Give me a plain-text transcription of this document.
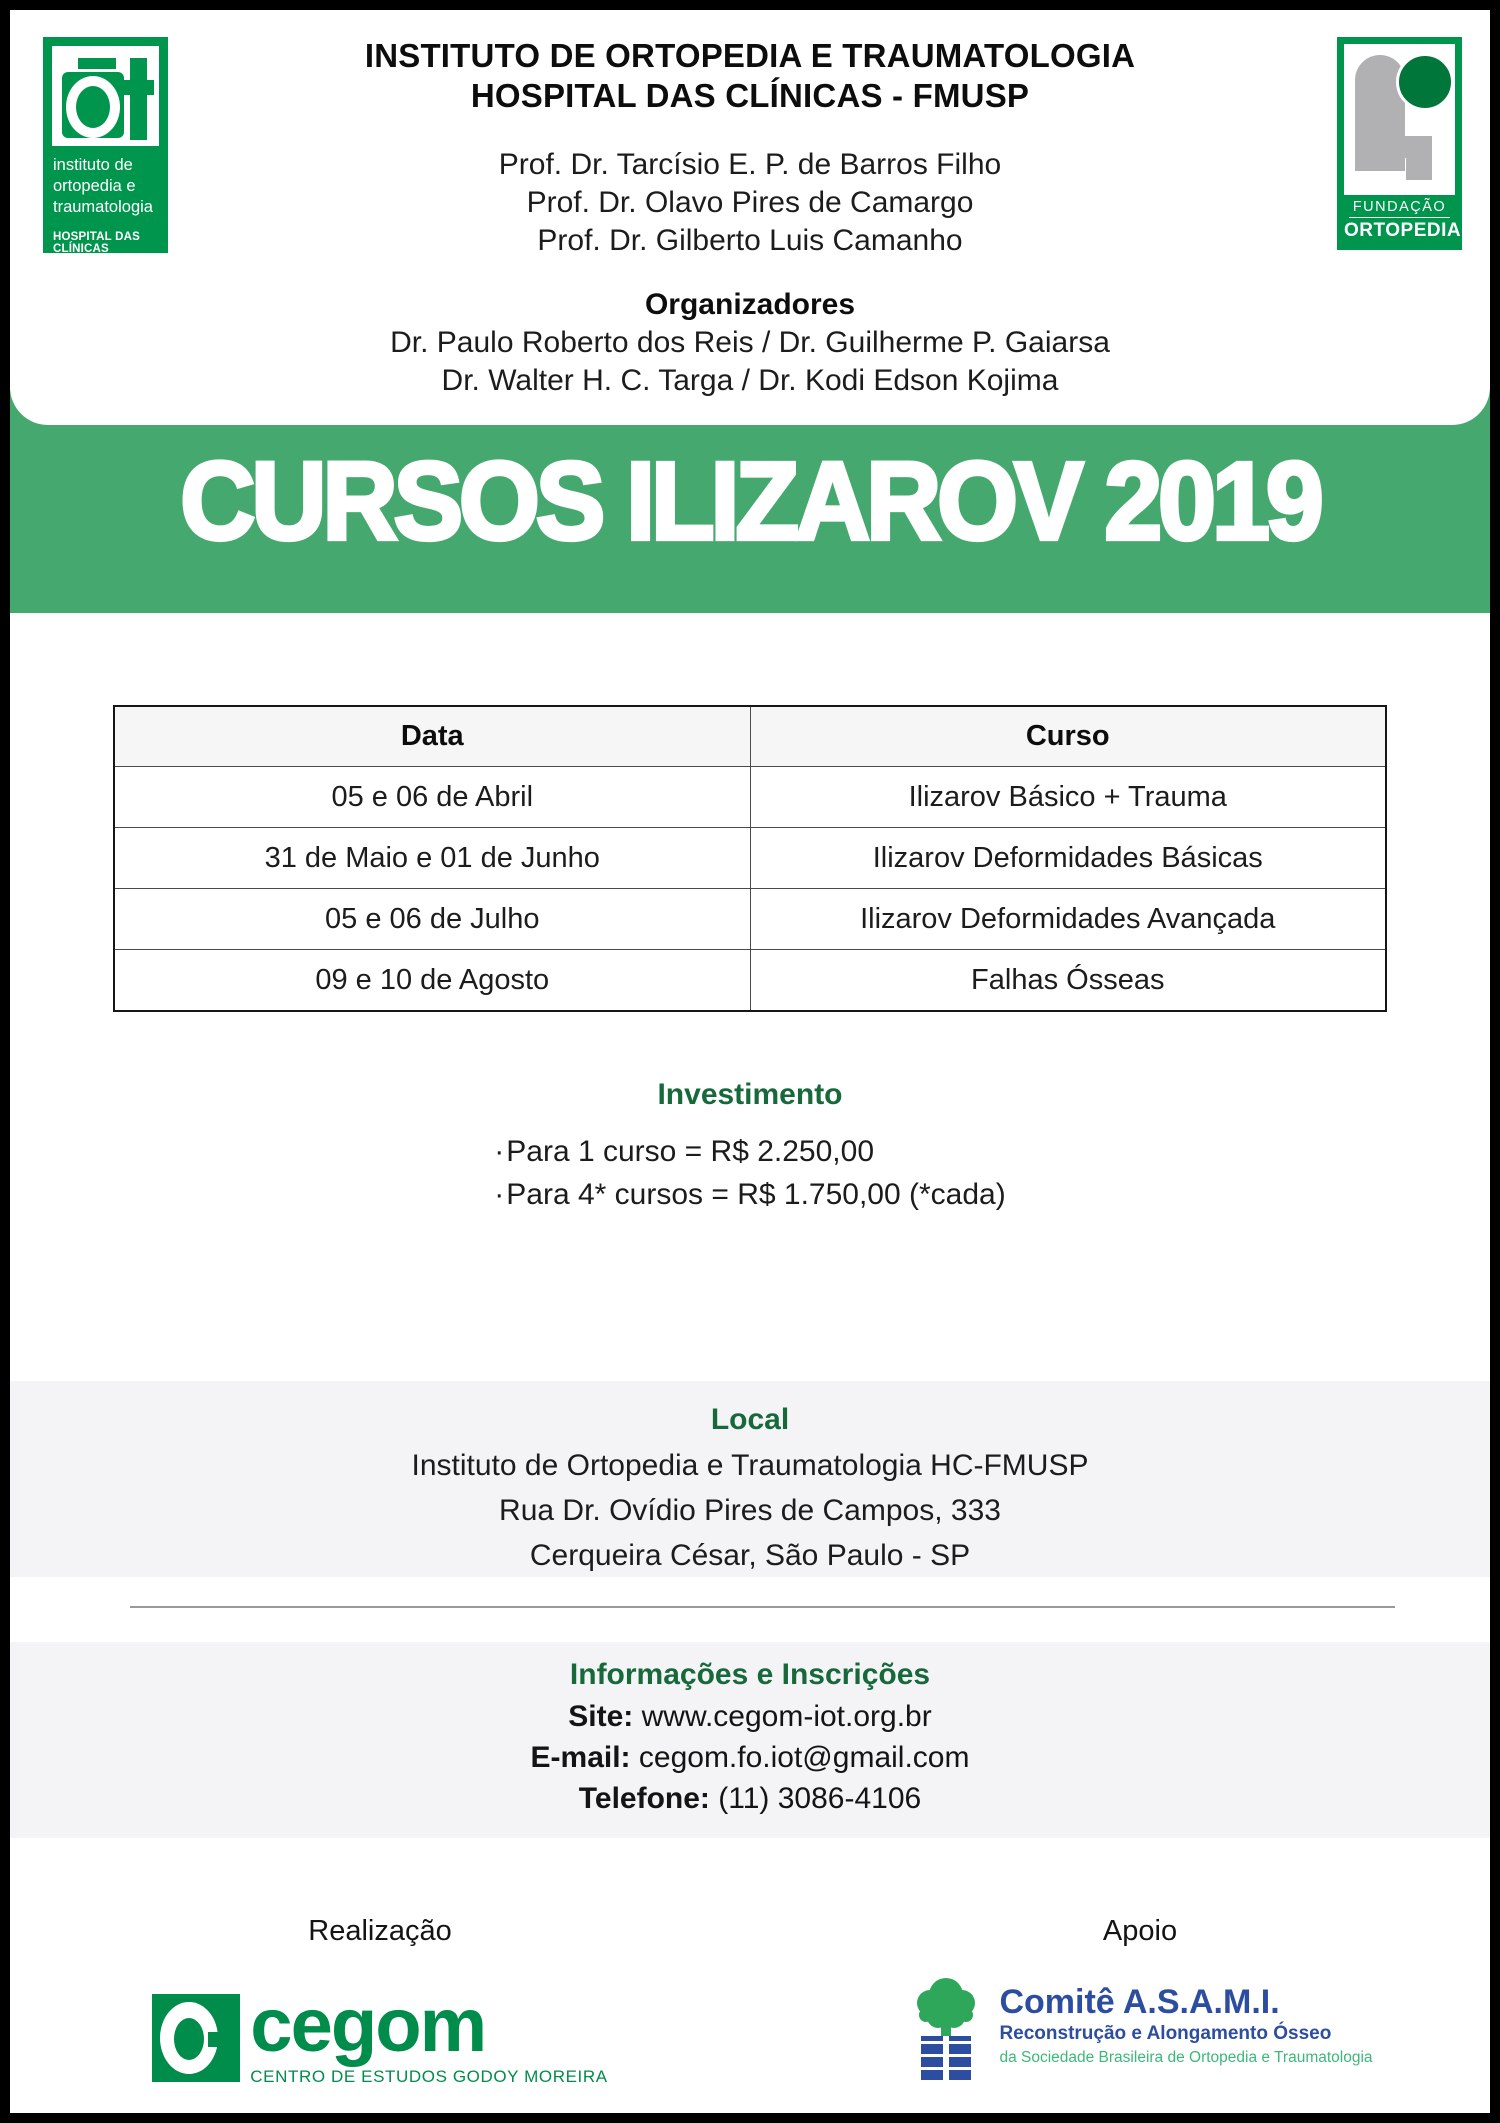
instituto de
ortopedia e
traumatologia
HOSPITAL DAS CLÍNICAS
FACULDADE DE MEDICINA - USP
FUNDAÇÃO
ORTOPEDIA
INSTITUTO DE ORTOPEDIA E TRAUMATOLOGIA
HOSPITAL DAS CLÍNICAS - FMUSP
Prof. Dr. Tarcísio E. P. de Barros Filho
Prof. Dr. Olavo Pires de Camargo
Prof. Dr. Gilberto Luis Camanho
Organizadores
Dr. Paulo Roberto dos Reis / Dr. Guilherme P. Gaiarsa
Dr. Walter H. C. Targa / Dr. Kodi Edson Kojima
CURSOS ILIZAROV 2019
Data	Curso
05 e 06 de Abril	Ilizarov Básico + Trauma
31 de Maio e 01 de Junho	Ilizarov Deformidades Básicas
05 e 06 de Julho	Ilizarov Deformidades Avançada
09 e 10 de Agosto	Falhas Ósseas
Investimento
·Para 1 curso = R$ 2.250,00
·Para 4* cursos = R$ 1.750,00 (*cada)
Local
Instituto de Ortopedia e Traumatologia HC-FMUSP
Rua Dr. Ovídio Pires de Campos, 333
Cerqueira César, São Paulo - SP
Informações e Inscrições
Site: www.cegom-iot.org.br
E-mail: cegom.fo.iot@gmail.com
Telefone: (11) 3086-4106
Realização
cegom
CENTRO DE ESTUDOS GODOY MOREIRA
Apoio
Comitê A.S.A.M.I.
Reconstrução e Alongamento Ósseo
da Sociedade Brasileira de Ortopedia e Traumatologia
